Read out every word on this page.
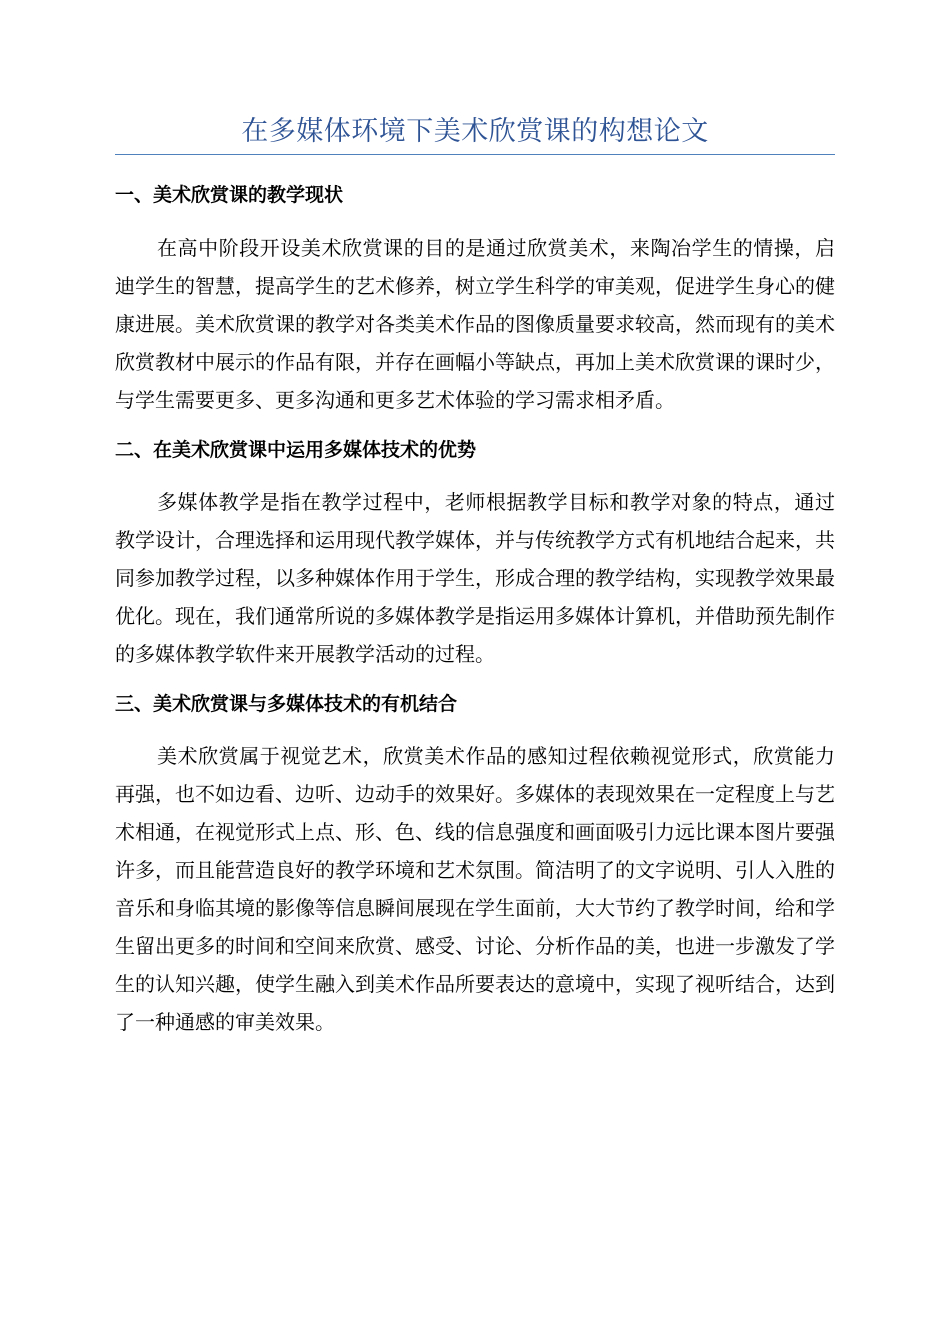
在多媒体环境下美术欣赏课的构想论文
一、美术欣赏课的教学现状

在高中阶段开设美术欣赏课的目的是通过欣赏美术，来陶冶学生的情操，启迪学生的智慧，提高学生的艺术修养，树立学生科学的审美观，促进学生身心的健康进展。美术欣赏课的教学对各类美术作品的图像质量要求较高，然而现有的美术欣赏教材中展示的作品有限，并存在画幅小等缺点，再加上美术欣赏课的课时少，与学生需要更多、更多沟通和更多艺术体验的学习需求相矛盾。

二、在美术欣赏课中运用多媒体技术的优势

多媒体教学是指在教学过程中，老师根据教学目标和教学对象的特点，通过教学设计，合理选择和运用现代教学媒体，并与传统教学方式有机地结合起来，共同参加教学过程，以多种媒体作用于学生，形成合理的教学结构，实现教学效果最优化。现在，我们通常所说的多媒体教学是指运用多媒体计算机，并借助预先制作的多媒体教学软件来开展教学活动的过程。

三、美术欣赏课与多媒体技术的有机结合

美术欣赏属于视觉艺术，欣赏美术作品的感知过程依赖视觉形式，欣赏能力再强，也不如边看、边听、边动手的效果好。多媒体的表现效果在一定程度上与艺术相通，在视觉形式上点、形、色、线的信息强度和画面吸引力远比课本图片要强许多，而且能营造良好的教学环境和艺术氛围。简洁明了的文字说明、引人入胜的音乐和身临其境的影像等信息瞬间展现在学生面前，大大节约了教学时间，给和学生留出更多的时间和空间来欣赏、感受、讨论、分析作品的美，也进一步激发了学生的认知兴趣，使学生融入到美术作品所要表达的意境中，实现了视听结合，达到了一种通感的审美效果。
